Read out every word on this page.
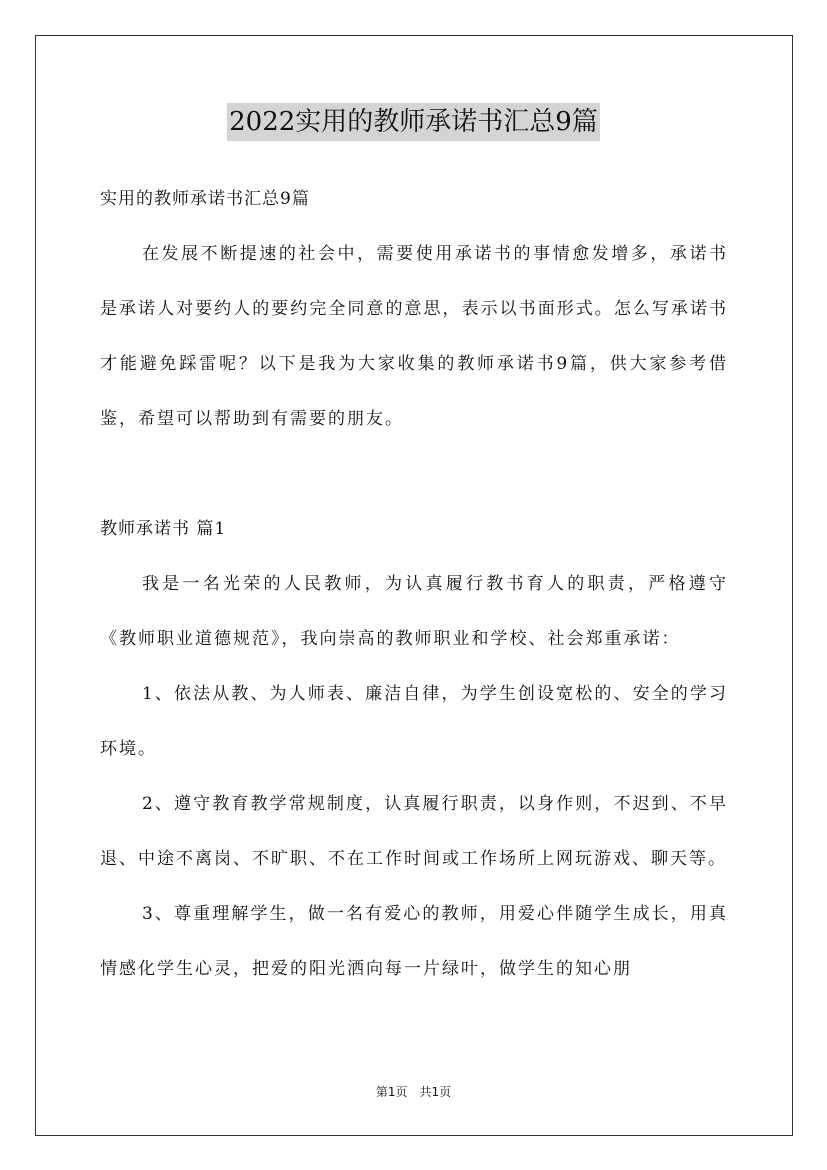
2022实用的教师承诺书汇总9篇

实用的教师承诺书汇总9篇

在发展不断提速的社会中，需要使用承诺书的事情愈发增多，承诺书是承诺人对要约人的要约完全同意的意思，表示以书面形式。怎么写承诺书才能避免踩雷呢？以下是我为大家收集的教师承诺书9篇，供大家参考借鉴，希望可以帮助到有需要的朋友。

教师承诺书 篇1

我是一名光荣的人民教师，为认真履行教书育人的职责，严格遵守《教师职业道德规范》，我向崇高的教师职业和学校、社会郑重承诺：

1、依法从教、为人师表、廉洁自律，为学生创设宽松的、安全的学习环境。

2、遵守教育教学常规制度，认真履行职责，以身作则，不迟到、不早退、中途不离岗、不旷职、不在工作时间或工作场所上网玩游戏、聊天等。

3、尊重理解学生，做一名有爱心的教师，用爱心伴随学生成长，用真情感化学生心灵，把爱的阳光洒向每一片绿叶，做学生的知心朋

第1页 共1页
